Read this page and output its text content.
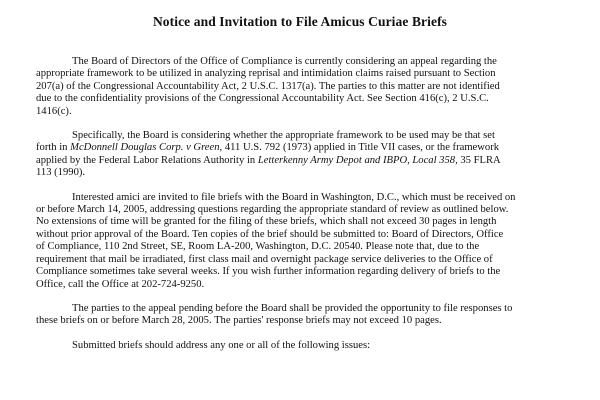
Notice and Invitation to File Amicus Curiae Briefs

The Board of Directors of the Office of Compliance is currently considering an appeal regarding the
appropriate framework to be utilized in analyzing reprisal and intimidation claims raised pursuant to Section
207(a) of the Congressional Accountability Act, 2 U.S.C. 1317(a). The parties to this matter are not identified
due to the confidentiality provisions of the Congressional Accountability Act. See Section 416(c), 2 U.S.C.
1416(c).

Specifically, the Board is considering whether the appropriate framework to be used may be that set
forth in McDonnell Douglas Corp. v Green, 411 U.S. 792 (1973) applied in Title VII cases, or the framework
applied by the Federal Labor Relations Authority in Letterkenny Army Depot and IBPO, Local 358, 35 FLRA
113 (1990).

Interested amici are invited to file briefs with the Board in Washington, D.C., which must be received on
or before March 14, 2005, addressing questions regarding the appropriate standard of review as outlined below.
No extensions of time will be granted for the filing of these briefs, which shall not exceed 30 pages in length
without prior approval of the Board. Ten copies of the brief should be submitted to: Board of Directors, Office
of Compliance, 110 2nd Street, SE, Room LA-200, Washington, D.C. 20540. Please note that, due to the
requirement that mail be irradiated, first class mail and overnight package service deliveries to the Office of
Compliance sometimes take several weeks. If you wish further information regarding delivery of briefs to the
Office, call the Office at 202-724-9250.

The parties to the appeal pending before the Board shall be provided the opportunity to file responses to
these briefs on or before March 28, 2005. The parties' response briefs may not exceed 10 pages.

Submitted briefs should address any one or all of the following issues:
